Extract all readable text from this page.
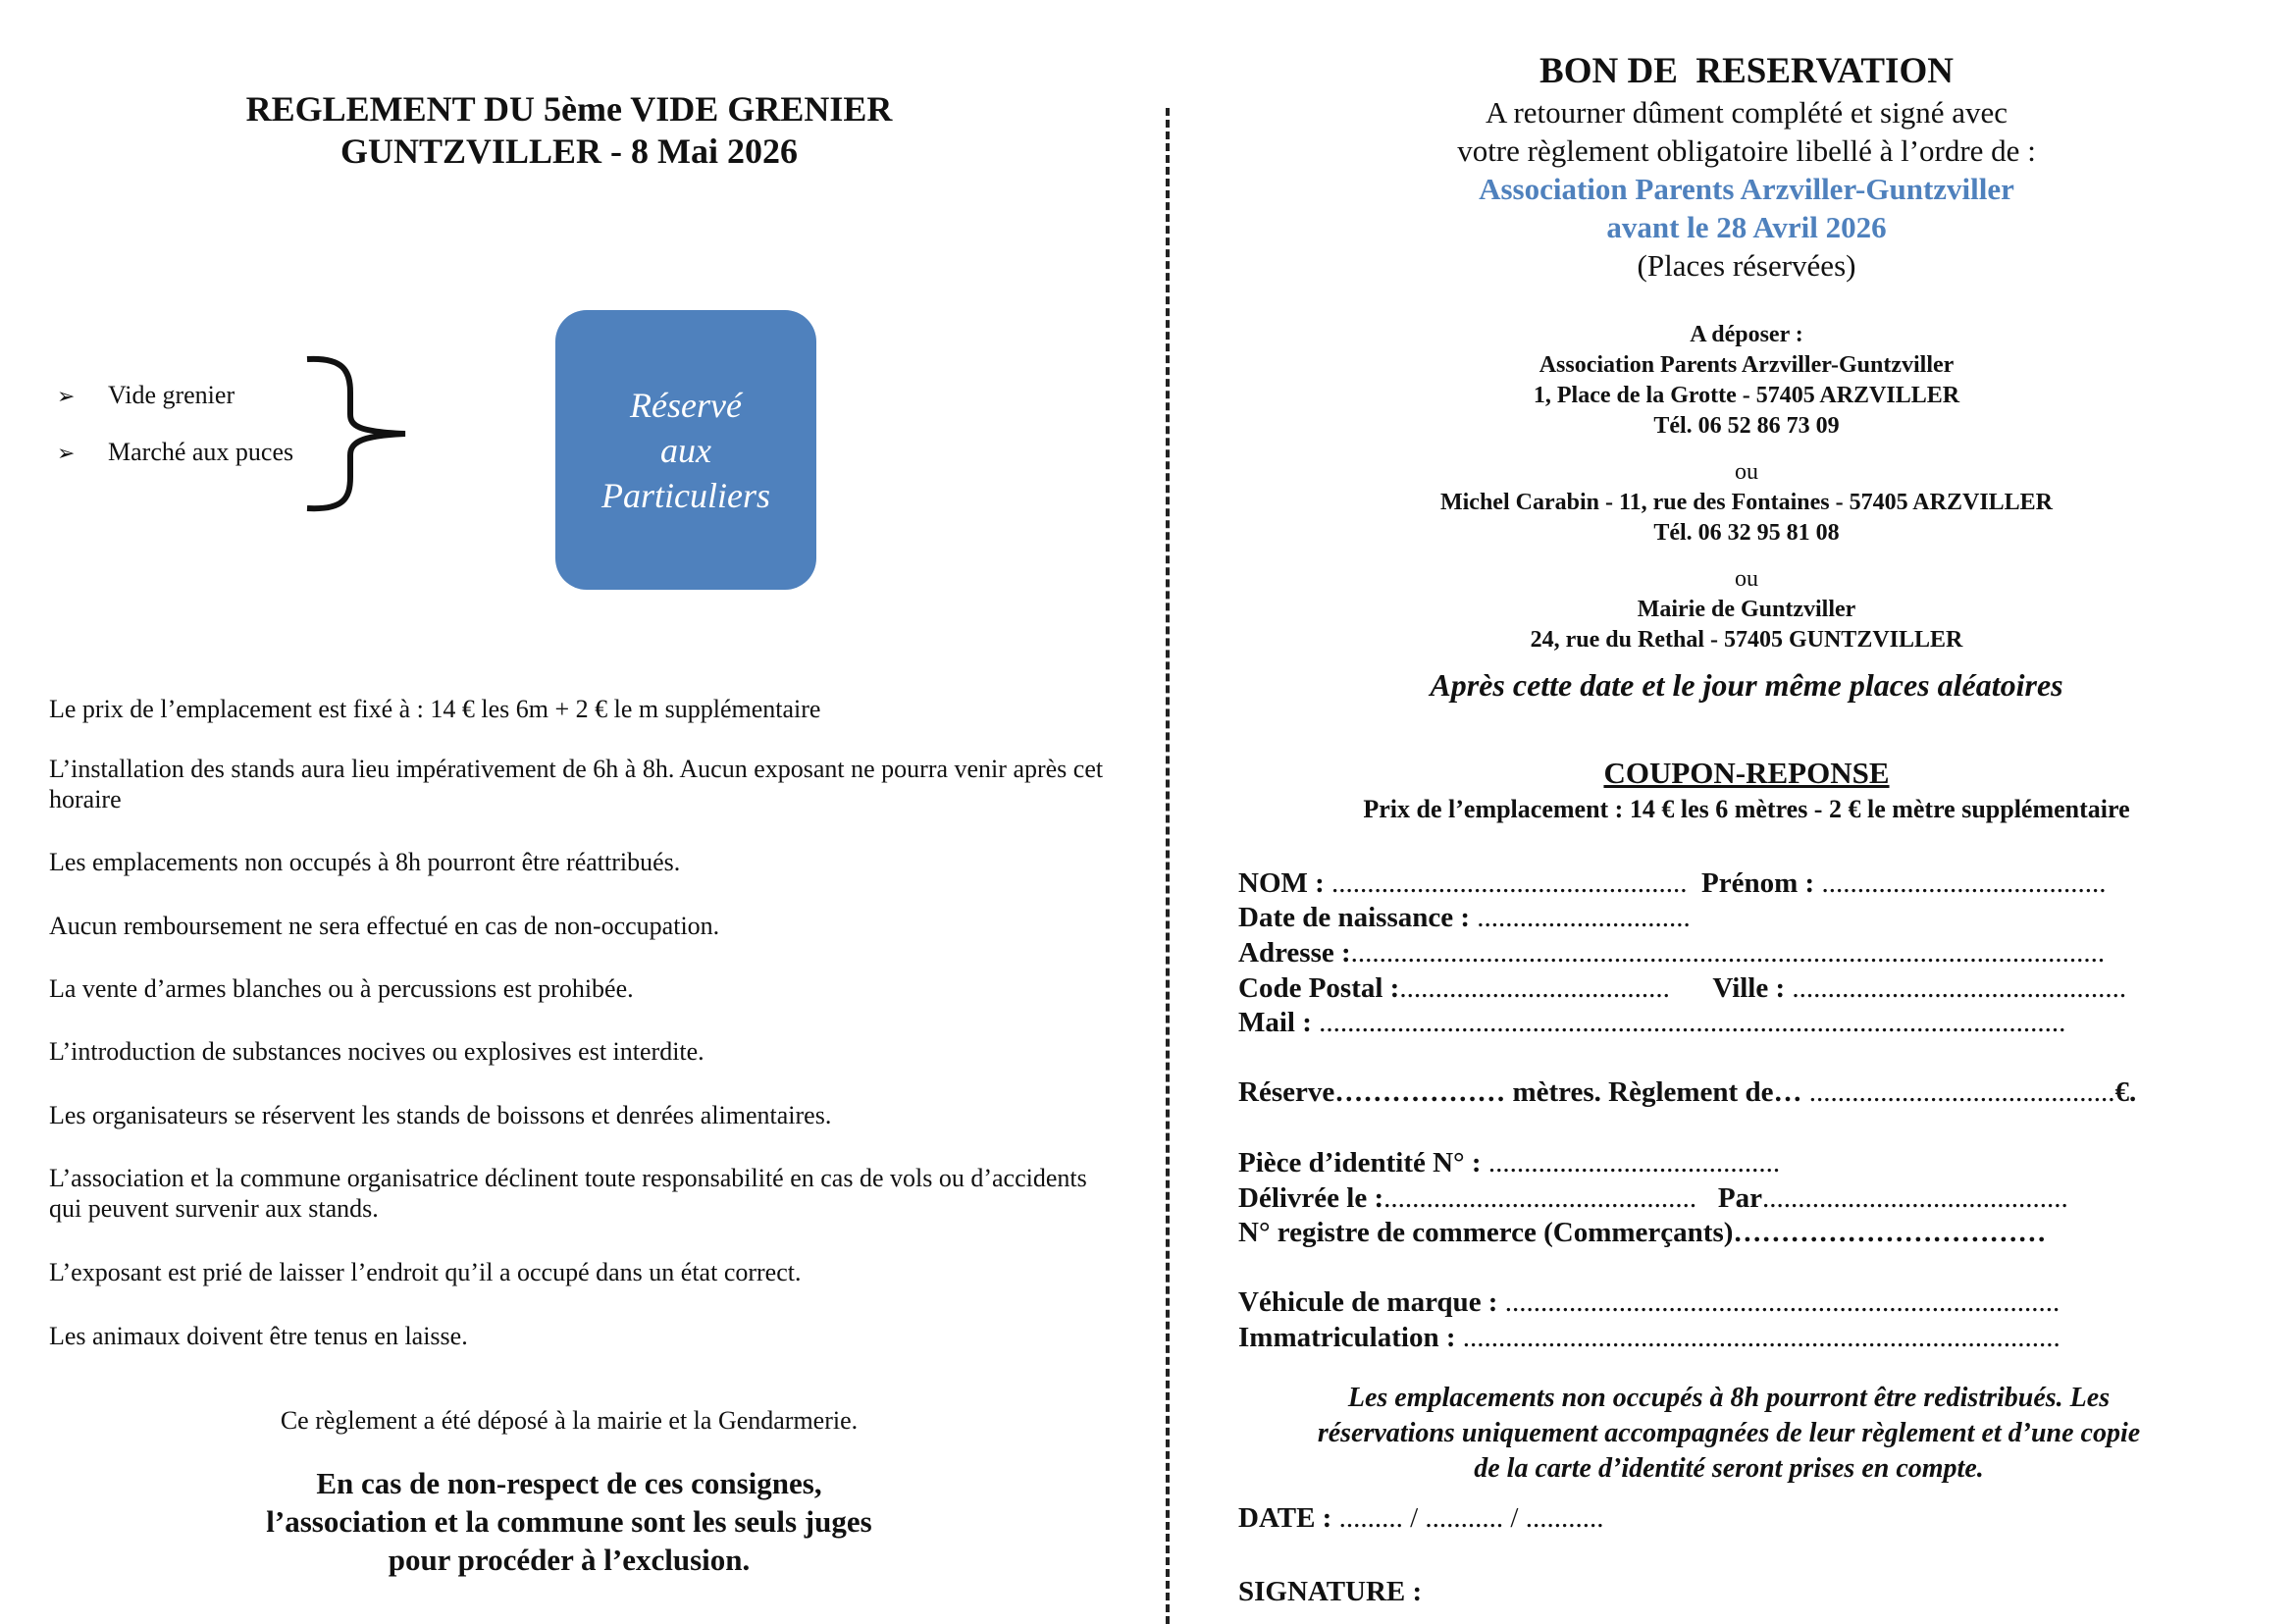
REGLEMENT DU 5ème VIDE GRENIER
GUNTZVILLER - 8 Mai 2026
➢ Vide grenier
➢ Marché aux puces
Réservé
aux
Particuliers
Le prix de l’emplacement est fixé à : 14 € les 6m + 2 € le m supplémentaire
L’installation des stands aura lieu impérativement de 6h à 8h. Aucun exposant ne pourra venir après cet horaire
Les emplacements non occupés à 8h pourront être réattribués.
Aucun remboursement ne sera effectué en cas de non-occupation.
La vente d’armes blanches ou à percussions est prohibée.
L’introduction de substances nocives ou explosives est interdite.
Les organisateurs se réservent les stands de boissons et denrées alimentaires.
L’association et la commune organisatrice déclinent toute responsabilité en cas de vols ou d’accidents qui peuvent survenir aux stands.
L’exposant est prié de laisser l’endroit qu’il a occupé dans un état correct.
Les animaux doivent être tenus en laisse.
Ce règlement a été déposé à la mairie et la Gendarmerie.
En cas de non-respect de ces consignes,
l’association et la commune sont les seuls juges
pour procéder à l’exclusion.
BON DE  RESERVATION
A retourner dûment complété et signé avec
votre règlement obligatoire libellé à l’ordre de :
Association Parents Arzviller-Guntzviller
avant le 28 Avril 2026
(Places réservées)
A déposer :
Association Parents Arzviller-Guntzviller
1, Place de la Grotte - 57405 ARZVILLER
Tél. 06 52 86 73 09
ou
Michel Carabin - 11, rue des Fontaines - 57405 ARZVILLER
Tél. 06 32 95 81 08
ou
Mairie de Guntzviller
24, rue du Rethal - 57405 GUNTZVILLER
Après cette date et le jour même places aléatoires
COUPON-REPONSE
Prix de l’emplacement : 14 € les 6 mètres - 2 € le mètre supplémentaire
NOM : .................................................. Prénom : ........................................
Date de naissance : ..............................
Adresse :..........................................................................................................
Code Postal :...................................... Ville : ...............................................
Mail : .........................................................................................................
Réserve……………… mètres. Règlement de… ...........................................€.
Pièce d’identité N° : .........................................
Délivrée le :............................................ Par...........................................
N° registre de commerce (Commerçants)……………………………
Véhicule de marque : ..............................................................................
Immatriculation : ....................................................................................
Les emplacements non occupés à 8h pourront être redistribués. Les
réservations uniquement accompagnées de leur règlement et d’une copie
de la carte d’identité seront prises en compte.
DATE : ......... / ........... / ...........
SIGNATURE :
